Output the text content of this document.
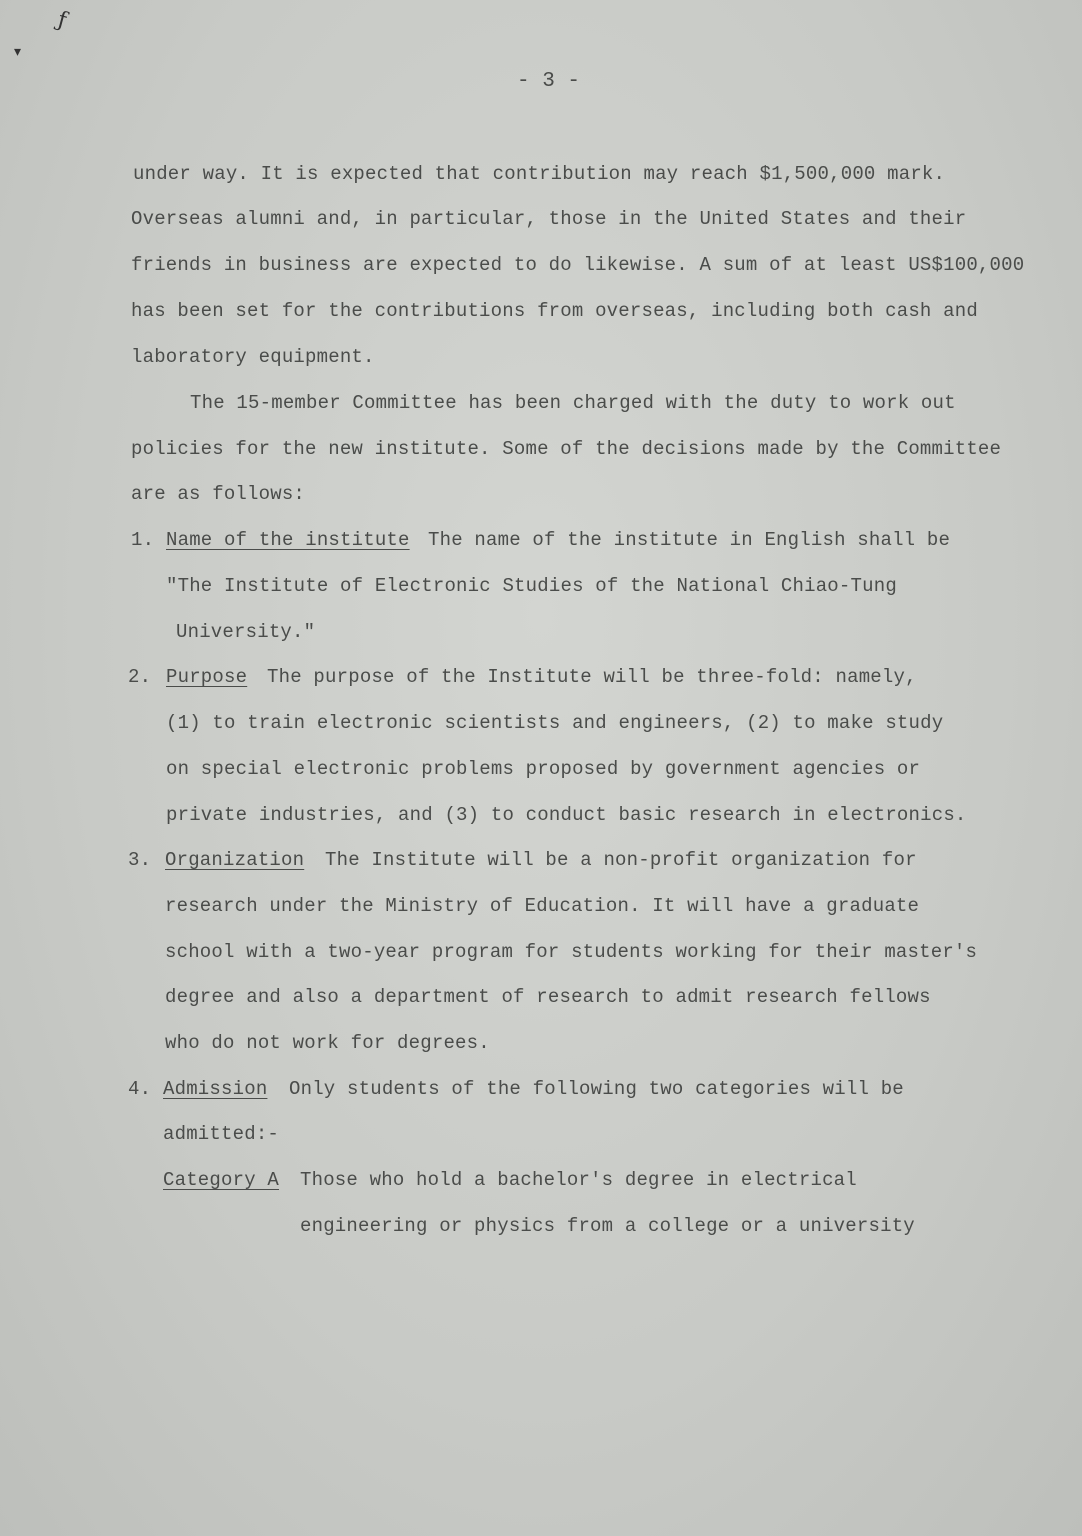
ƒ
▾
- 3 -
under way. It is expected that contribution may reach $1,500,000 mark.
Overseas alumni and, in particular, those in the United States and their
friends in business are expected to do likewise. A sum of at least US$100,000
has been set for the contributions from overseas, including both cash and
laboratory equipment.
The 15-member Committee has been charged with the duty to work out
policies for the new institute. Some of the decisions made by the Committee
are as follows:
1. Name of the institute The name of the institute in English shall be
"The Institute of Electronic Studies of the National Chiao-Tung
University."
2. Purpose The purpose of the Institute will be three-fold: namely,
(1) to train electronic scientists and engineers, (2) to make study
on special electronic problems proposed by government agencies or
private industries, and (3) to conduct basic research in electronics.
3. Organization The Institute will be a non-profit organization for
research under the Ministry of Education. It will have a graduate
school with a two-year program for students working for their master's
degree and also a department of research to admit research fellows
who do not work for degrees.
4. Admission Only students of the following two categories will be
admitted:-
Category A Those who hold a bachelor's degree in electrical
engineering or physics from a college or a university
